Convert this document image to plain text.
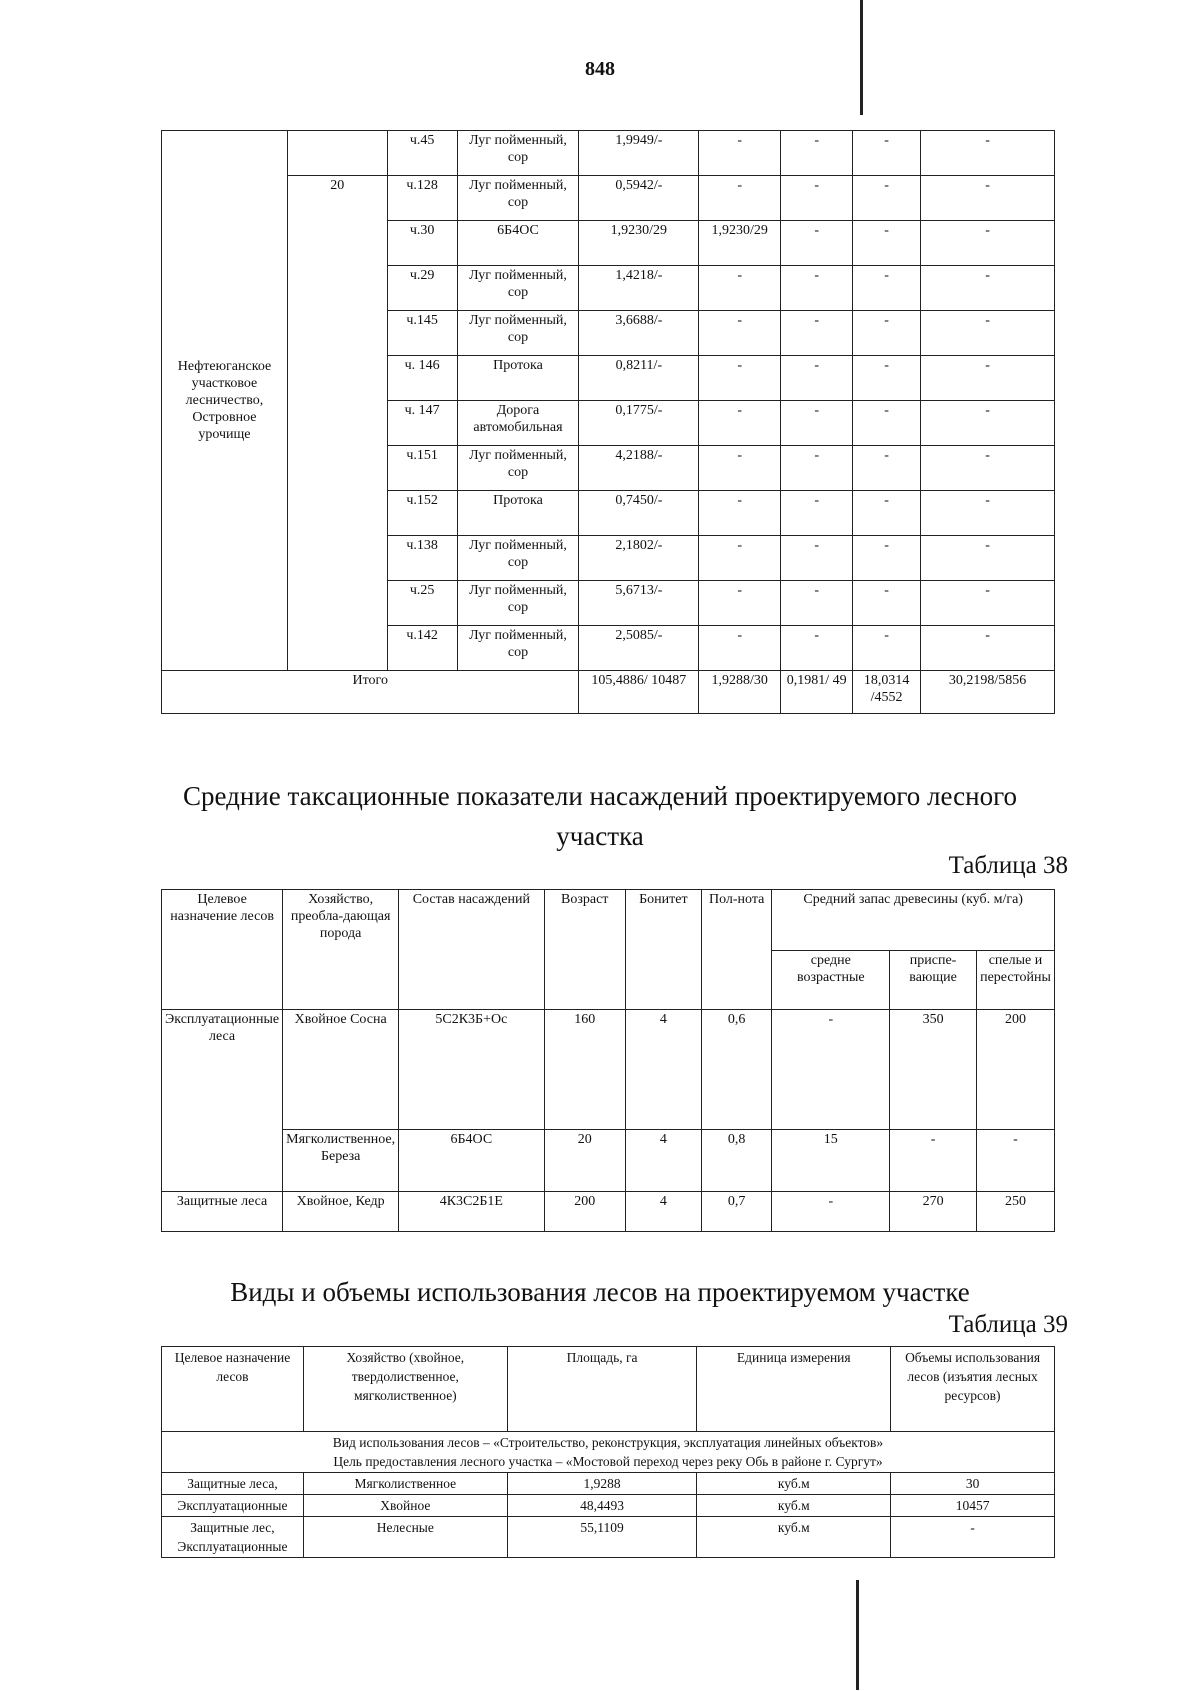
848
Нефтеюганское участковое лесничество, Островное урочище		ч.45	Луг пойменный, сор	1,9949/-	-	-	-	-
	20	ч.128	Луг пойменный, сор	0,5942/-	-	-	-	-
		ч.30	6Б4ОС	1,9230/29	1,9230/29	-	-	-
		ч.29	Луг пойменный, сор	1,4218/-	-	-	-	-
		ч.145	Луг пойменный, сор	3,6688/-	-	-	-	-
		ч. 146	Протока	0,8211/-	-	-	-	-
		ч. 147	Дорога автомобильная	0,1775/-	-	-	-	-
		ч.151	Луг пойменный, сор	4,2188/-	-	-	-	-
		ч.152	Протока	0,7450/-	-	-	-	-
		ч.138	Луг пойменный, сор	2,1802/-	-	-	-	-
		ч.25	Луг пойменный, сор	5,6713/-	-	-	-	-
		ч.142	Луг пойменный, сор	2,5085/-	-	-	-	-
Итого				105,4886/ 10487	1,9288/30	0,1981/ 49	18,0314 /4552	30,2198/5856
Средние таксационные показатели насаждений проектируемого лесного участка
Таблица 38
Целевое назначение лесов	Хозяйство, преобла-дающая порода	Состав насаждений	Возраст	Бонитет	Пол-нота	Средний запас древесины (куб. м/га)		
						средне возрастные	приспе-вающие	спелые и перестойны
Эксплуатационные леса	Хвойное Сосна	5С2К3Б+Ос	160	4	0,6	-	350	200
	Мягколиственное, Береза	6Б4ОС	20	4	0,8	15	-	-
Защитные леса	Хвойное, Кедр	4К3С2Б1Е	200	4	0,7	-	270	250
Виды и объемы использования лесов на проектируемом участке
Таблица 39
Целевое назначение лесов	Хозяйство (хвойное, твердолиственное, мягколиственное)	Площадь, га	Единица измерения	Объемы использования лесов (изъятия лесных ресурсов)

Вид использования лесов – «Строительство, реконструкция, эксплуатация линейных объектов»
Цель предоставления лесного участка – «Мостовой переход через реку Обь в районе г. Сургут»				

Защитные леса,	Мягколиственное	1,9288	куб.м	30
Эксплуатационные	Хвойное	48,4493	куб.м	10457
Защитные лес, Эксплуатационные	Нелесные	55,1109	куб.м	-
